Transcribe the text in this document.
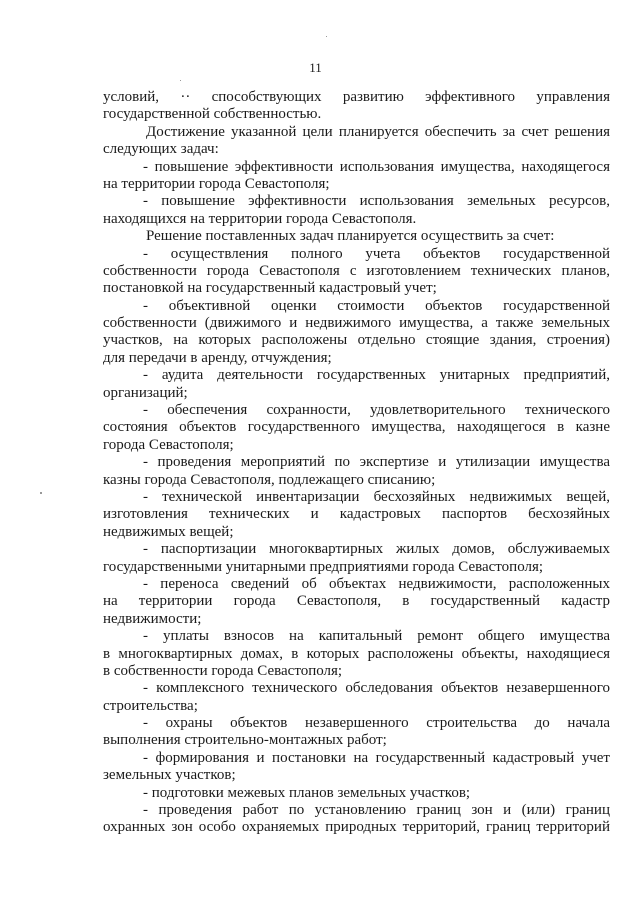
11
условий, ·· способствующих развитию эффективного управления
государственной собственностью.
Достижение указанной цели планируется обеспечить за счет решения
следующих задач:
- повышение эффективности использования имущества, находящегося
на территории города Севастополя;
- повышение эффективности использования земельных ресурсов,
находящихся на территории города Севастополя.
Решение поставленных задач планируется осуществить за счет:
- осуществления полного учета объектов государственной
собственности города Севастополя с изготовлением технических планов,
постановкой на государственный кадастровый учет;
- объективной оценки стоимости объектов государственной
собственности (движимого и недвижимого имущества, а также земельных
участков, на которых расположены отдельно стоящие здания, строения)
для передачи в аренду, отчуждения;
- аудита деятельности государственных унитарных предприятий,
организаций;
- обеспечения сохранности, удовлетворительного технического
состояния объектов государственного имущества, находящегося в казне
города Севастополя;
- проведения мероприятий по экспертизе и утилизации имущества
казны города Севастополя, подлежащего списанию;
- технической инвентаризации бесхозяйных недвижимых вещей,
изготовления технических и кадастровых паспортов бесхозяйных
недвижимых вещей;
- паспортизации многоквартирных жилых домов, обслуживаемых
государственными унитарными предприятиями города Севастополя;
- переноса сведений об объектах недвижимости, расположенных
на территории города Севастополя, в государственный кадастр
недвижимости;
- уплаты взносов на капитальный ремонт общего имущества
в многоквартирных домах, в которых расположены объекты, находящиеся
в собственности города Севастополя;
- комплексного технического обследования объектов незавершенного
строительства;
- охраны объектов незавершенного строительства до начала
выполнения строительно-монтажных работ;
- формирования и постановки на государственный кадастровый учет
земельных участков;
- подготовки межевых планов земельных участков;
- проведения работ по установлению границ зон и (или) границ
охранных зон особо охраняемых природных территорий, границ территорий
